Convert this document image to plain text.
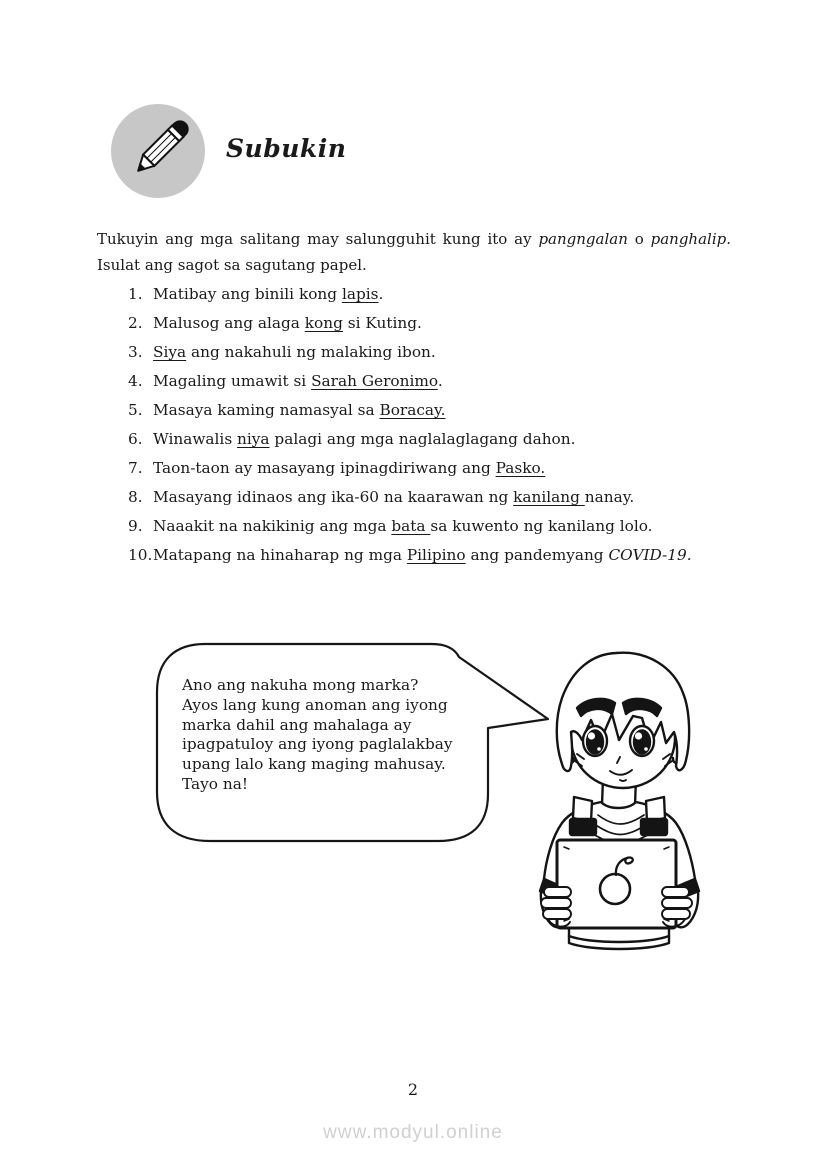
Subukin
Tukuyin ang mga salitang may salungguhit kung ito ay pangngalan o panghalip.
Isulat ang sagot sa sagutang papel.
1. Matibay ang binili kong lapis.
2. Malusog ang alaga kong si Kuting.
3. Siya ang nakahuli ng malaking ibon.
4. Magaling umawit si Sarah Geronimo.
5. Masaya kaming namasyal sa Boracay.
6. Winawalis niya palagi ang mga naglalaglagang dahon.
7. Taon-taon ay masayang ipinagdiriwang ang Pasko.
8. Masayang idinaos ang ika-60 na kaarawan ng kanilang nanay.
9. Naaakit na nakikinig ang mga bata sa kuwento ng kanilang lolo.
10. Matapang na hinaharap ng mga Pilipino ang pandemyang COVID-19.
Ano ang nakuha mong marka?
Ayos lang kung anoman ang iyong
marka dahil ang mahalaga ay
ipagpatuloy ang iyong paglalakbay
upang lalo kang maging mahusay.
Tayo na!
2
www.modyul.online
